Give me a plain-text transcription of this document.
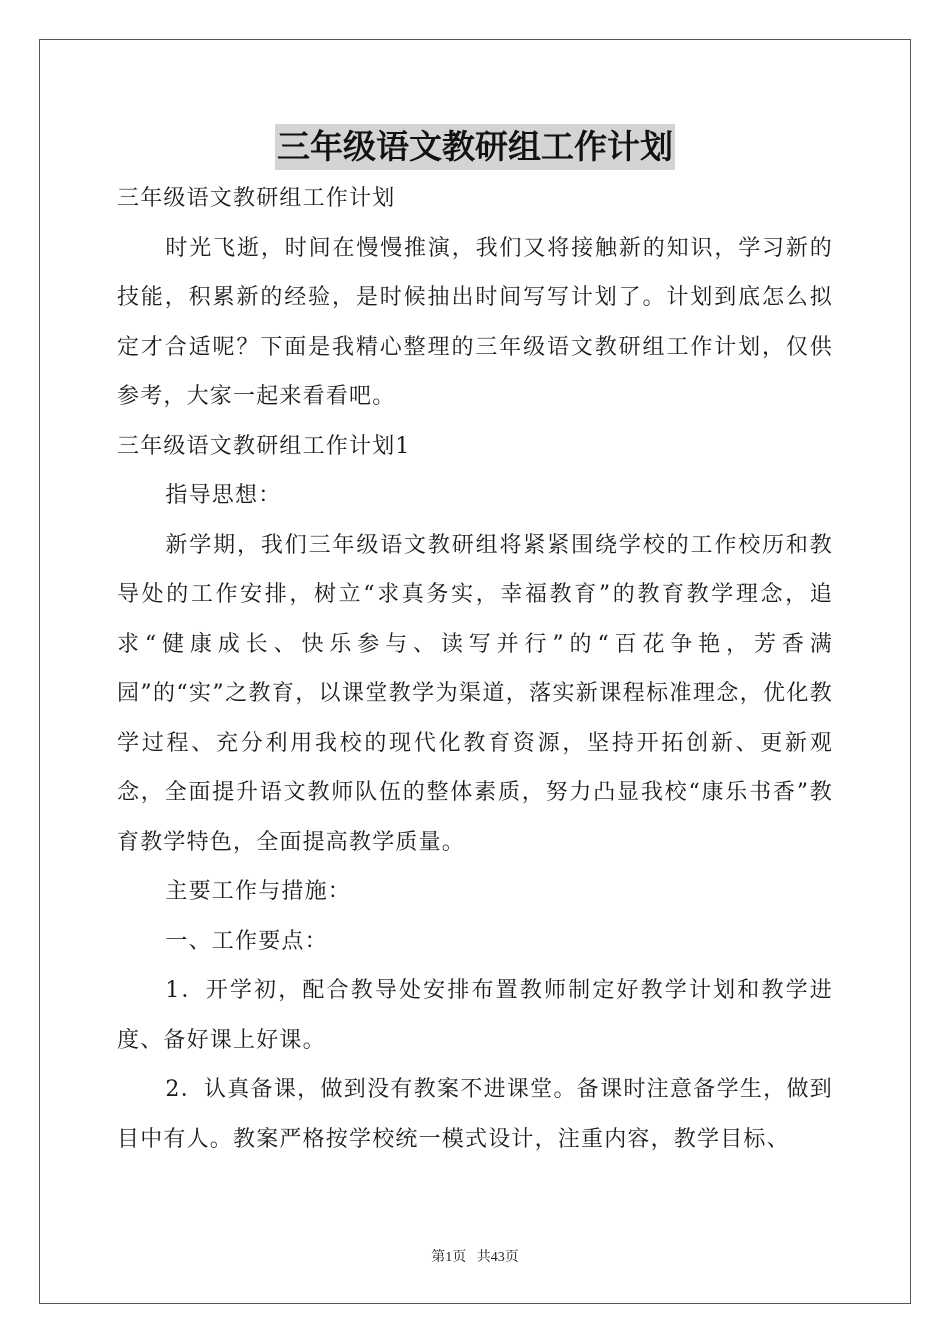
三年级语文教研组工作计划

三年级语文教研组工作计划

时光飞逝，时间在慢慢推演，我们又将接触新的知识，学习新的技能，积累新的经验，是时候抽出时间写写计划了。计划到底怎么拟定才合适呢？下面是我精心整理的三年级语文教研组工作计划，仅供参考，大家一起来看看吧。

三年级语文教研组工作计划1

指导思想：

新学期，我们三年级语文教研组将紧紧围绕学校的工作校历和教导处的工作安排，树立“求真务实，幸福教育”的教育教学理念，追求“健康成长、快乐参与、读写并行”的“百花争艳，芳香满园”的“实”之教育，以课堂教学为渠道，落实新课程标准理念，优化教学过程、充分利用我校的现代化教育资源，坚持开拓创新、更新观念，全面提升语文教师队伍的整体素质，努力凸显我校“康乐书香”教育教学特色，全面提高教学质量。

主要工作与措施：

一、工作要点：

1．开学初，配合教导处安排布置教师制定好教学计划和教学进度、备好课上好课。

2．认真备课，做到没有教案不进课堂。备课时注意备学生，做到目中有人。教案严格按学校统一模式设计，注重内容，教学目标、

第1页 共43页
